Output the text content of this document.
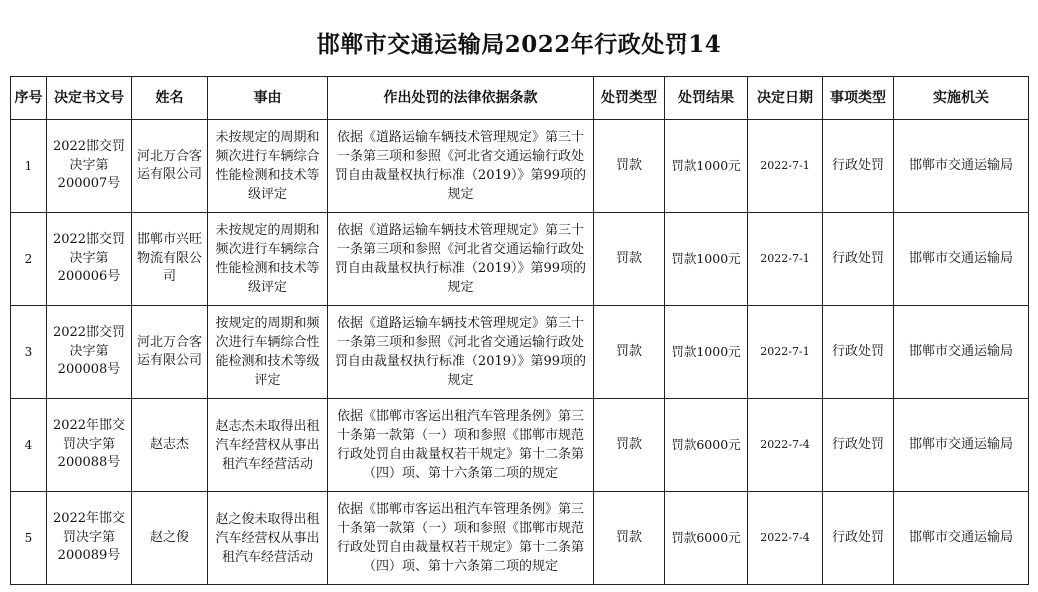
邯郸市交通运输局2022年行政处罚14
序号	决定书文号	姓名	事由	作出处罚的法律依据条款	处罚类型	处罚结果	决定日期	事项类型	实施机关
1	2022邯交罚决字第200007号	河北万合客运有限公司	未按规定的周期和频次进行车辆综合性能检测和技术等级评定	依据《道路运输车辆技术管理规定》第三十一条第三项和参照《河北省交通运输行政处罚自由裁量权执行标准（2019）》第99项的规定	罚款	罚款1000元	2022-7-1	行政处罚	邯郸市交通运输局
2	2022邯交罚决字第200006号	邯郸市兴旺物流有限公司	未按规定的周期和频次进行车辆综合性能检测和技术等级评定	依据《道路运输车辆技术管理规定》第三十一条第三项和参照《河北省交通运输行政处罚自由裁量权执行标准（2019）》第99项的规定	罚款	罚款1000元	2022-7-1	行政处罚	邯郸市交通运输局
3	2022邯交罚决字第200008号	河北万合客运有限公司	按规定的周期和频次进行车辆综合性能检测和技术等级评定	依据《道路运输车辆技术管理规定》第三十一条第三项和参照《河北省交通运输行政处罚自由裁量权执行标准（2019）》第99项的规定	罚款	罚款1000元	2022-7-1	行政处罚	邯郸市交通运输局
4	2022年邯交罚决字第200088号	赵志杰	赵志杰未取得出租汽车经营权从事出租汽车经营活动	依据《邯郸市客运出租汽车管理条例》第三十条第一款第（一）项和参照《邯郸市规范行政处罚自由裁量权若干规定》第十二条第（四）项、第十六条第二项的规定	罚款	罚款6000元	2022-7-4	行政处罚	邯郸市交通运输局
5	2022年邯交罚决字第200089号	赵之俊	赵之俊未取得出租汽车经营权从事出租汽车经营活动	依据《邯郸市客运出租汽车管理条例》第三十条第一款第（一）项和参照《邯郸市规范行政处罚自由裁量权若干规定》第十二条第（四）项、第十六条第二项的规定	罚款	罚款6000元	2022-7-4	行政处罚	邯郸市交通运输局
